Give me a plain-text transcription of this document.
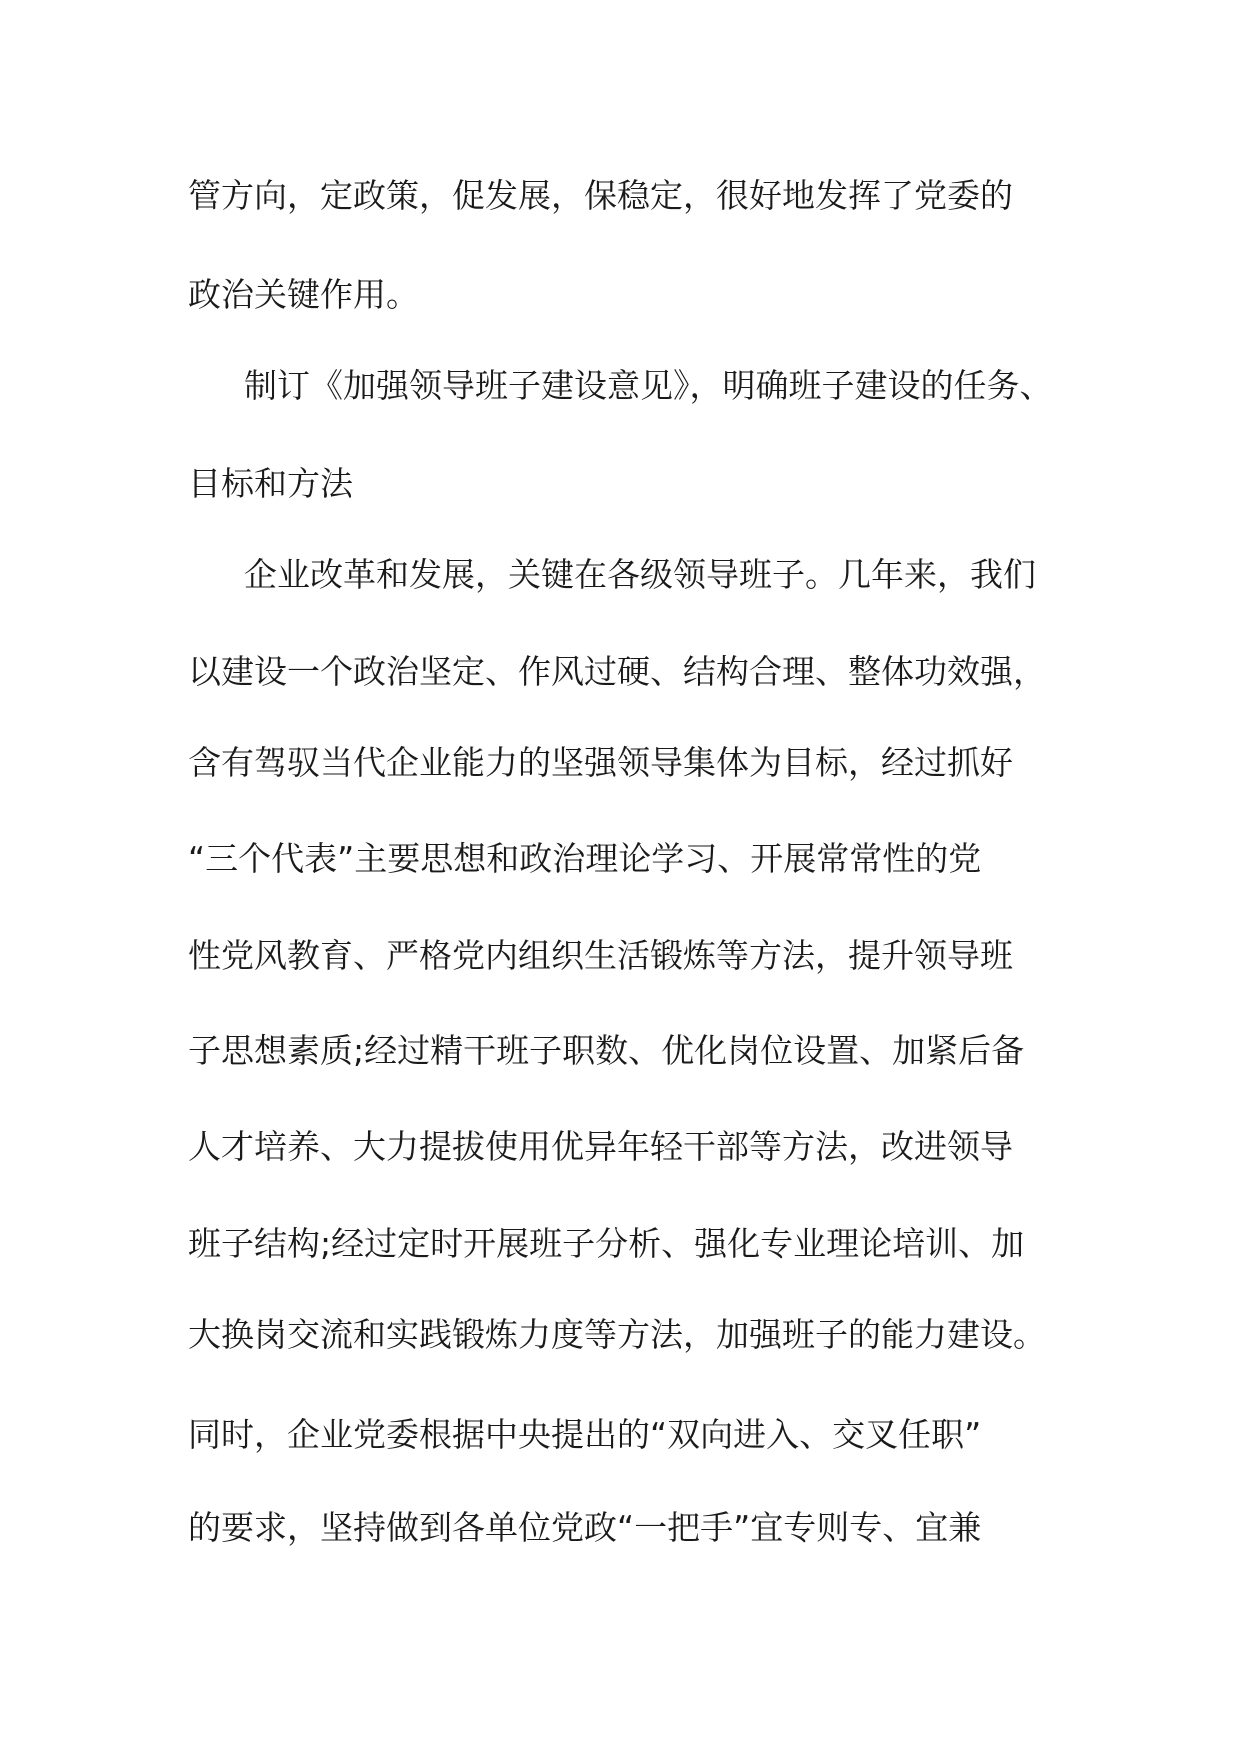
管方向，定政策，促发展，保稳定，很好地发挥了党委的
政治关键作用。
制订《加强领导班子建设意见》，明确班子建设的任务、
目标和方法
企业改革和发展，关键在各级领导班子。几年来，我们
以建设一个政治坚定、作风过硬、结构合理、整体功效强，
含有驾驭当代企业能力的坚强领导集体为目标，经过抓好
“三个代表”主要思想和政治理论学习、开展常常性的党
性党风教育、严格党内组织生活锻炼等方法，提升领导班
子思想素质;经过精干班子职数、优化岗位设置、加紧后备
人才培养、大力提拔使用优异年轻干部等方法，改进领导
班子结构;经过定时开展班子分析、强化专业理论培训、加
大换岗交流和实践锻炼力度等方法，加强班子的能力建设。
同时，企业党委根据中央提出的“双向进入、交叉任职”
的要求，坚持做到各单位党政“一把手”宜专则专、宜兼
